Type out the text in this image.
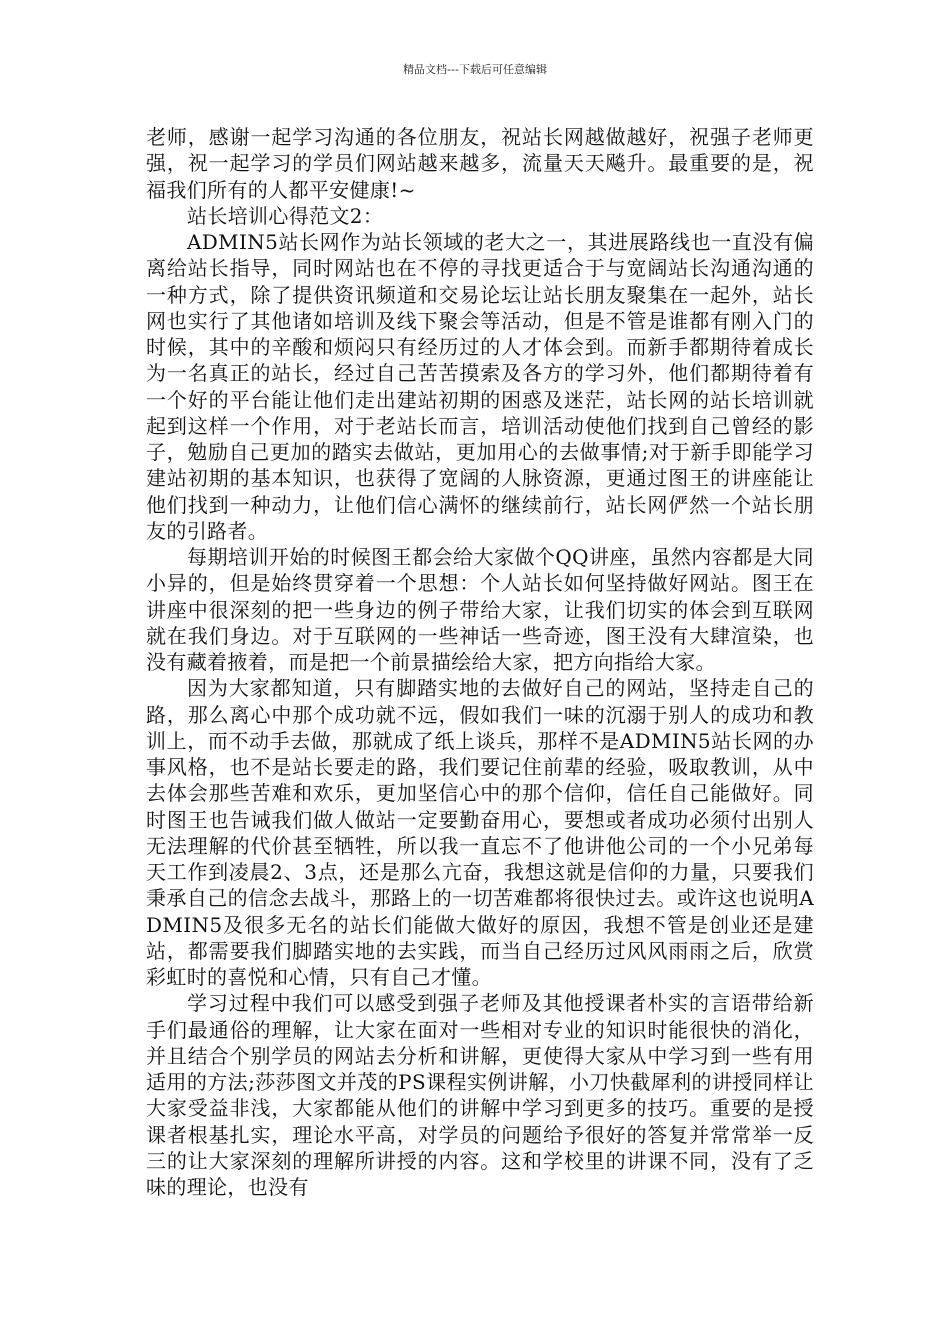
精品文档---下载后可任意编辑

老师，感谢一起学习沟通的各位朋友，祝站长网越做越好，祝强子老师更强，祝一起学习的学员们网站越来越多，流量天天飚升。最重要的是，祝福我们所有的人都平安健康!~

站长培训心得范文2：

ADMIN5站长网作为站长领域的老大之一，其进展路线也一直没有偏离给站长指导，同时网站也在不停的寻找更适合于与宽阔站长沟通沟通的一种方式，除了提供资讯频道和交易论坛让站长朋友聚集在一起外，站长网也实行了其他诸如培训及线下聚会等活动，但是不管是谁都有刚入门的时候，其中的辛酸和烦闷只有经历过的人才体会到。而新手都期待着成长为一名真正的站长，经过自己苦苦摸索及各方的学习外，他们都期待着有一个好的平台能让他们走出建站初期的困惑及迷茫，站长网的站长培训就起到这样一个作用，对于老站长而言，培训活动使他们找到自己曾经的影子，勉励自己更加的踏实去做站，更加用心的去做事情;对于新手即能学习建站初期的基本知识，也获得了宽阔的人脉资源，更通过图王的讲座能让他们找到一种动力，让他们信心满怀的继续前行，站长网俨然一个站长朋友的引路者。

每期培训开始的时候图王都会给大家做个QQ讲座，虽然内容都是大同小异的，但是始终贯穿着一个思想：个人站长如何坚持做好网站。图王在讲座中很深刻的把一些身边的例子带给大家，让我们切实的体会到互联网就在我们身边。对于互联网的一些神话一些奇迹，图王没有大肆渲染，也没有藏着掖着，而是把一个前景描绘给大家，把方向指给大家。

因为大家都知道，只有脚踏实地的去做好自己的网站，坚持走自己的路，那么离心中那个成功就不远，假如我们一味的沉溺于别人的成功和教训上，而不动手去做，那就成了纸上谈兵，那样不是ADMIN5站长网的办事风格，也不是站长要走的路，我们要记住前辈的经验，吸取教训，从中去体会那些苦难和欢乐，更加坚信心中的那个信仰，信任自己能做好。同时图王也告诫我们做人做站一定要勤奋用心，要想或者成功必须付出别人无法理解的代价甚至牺牲，所以我一直忘不了他讲他公司的一个小兄弟每天工作到凌晨2、3点，还是那么亢奋，我想这就是信仰的力量，只要我们秉承自己的信念去战斗，那路上的一切苦难都将很快过去。或许这也说明ADMIN5及很多无名的站长们能做大做好的原因，我想不管是创业还是建站，都需要我们脚踏实地的去实践，而当自己经历过风风雨雨之后，欣赏彩虹时的喜悦和心情，只有自己才懂。

学习过程中我们可以感受到强子老师及其他授课者朴实的言语带给新手们最通俗的理解，让大家在面对一些相对专业的知识时能很快的消化，并且结合个别学员的网站去分析和讲解，更使得大家从中学习到一些有用适用的方法;莎莎图文并茂的PS课程实例讲解，小刀快截犀利的讲授同样让大家受益非浅，大家都能从他们的讲解中学习到更多的技巧。重要的是授课者根基扎实，理论水平高，对学员的问题给予很好的答复并常常举一反三的让大家深刻的理解所讲授的内容。这和学校里的讲课不同，没有了乏味的理论，也没有
